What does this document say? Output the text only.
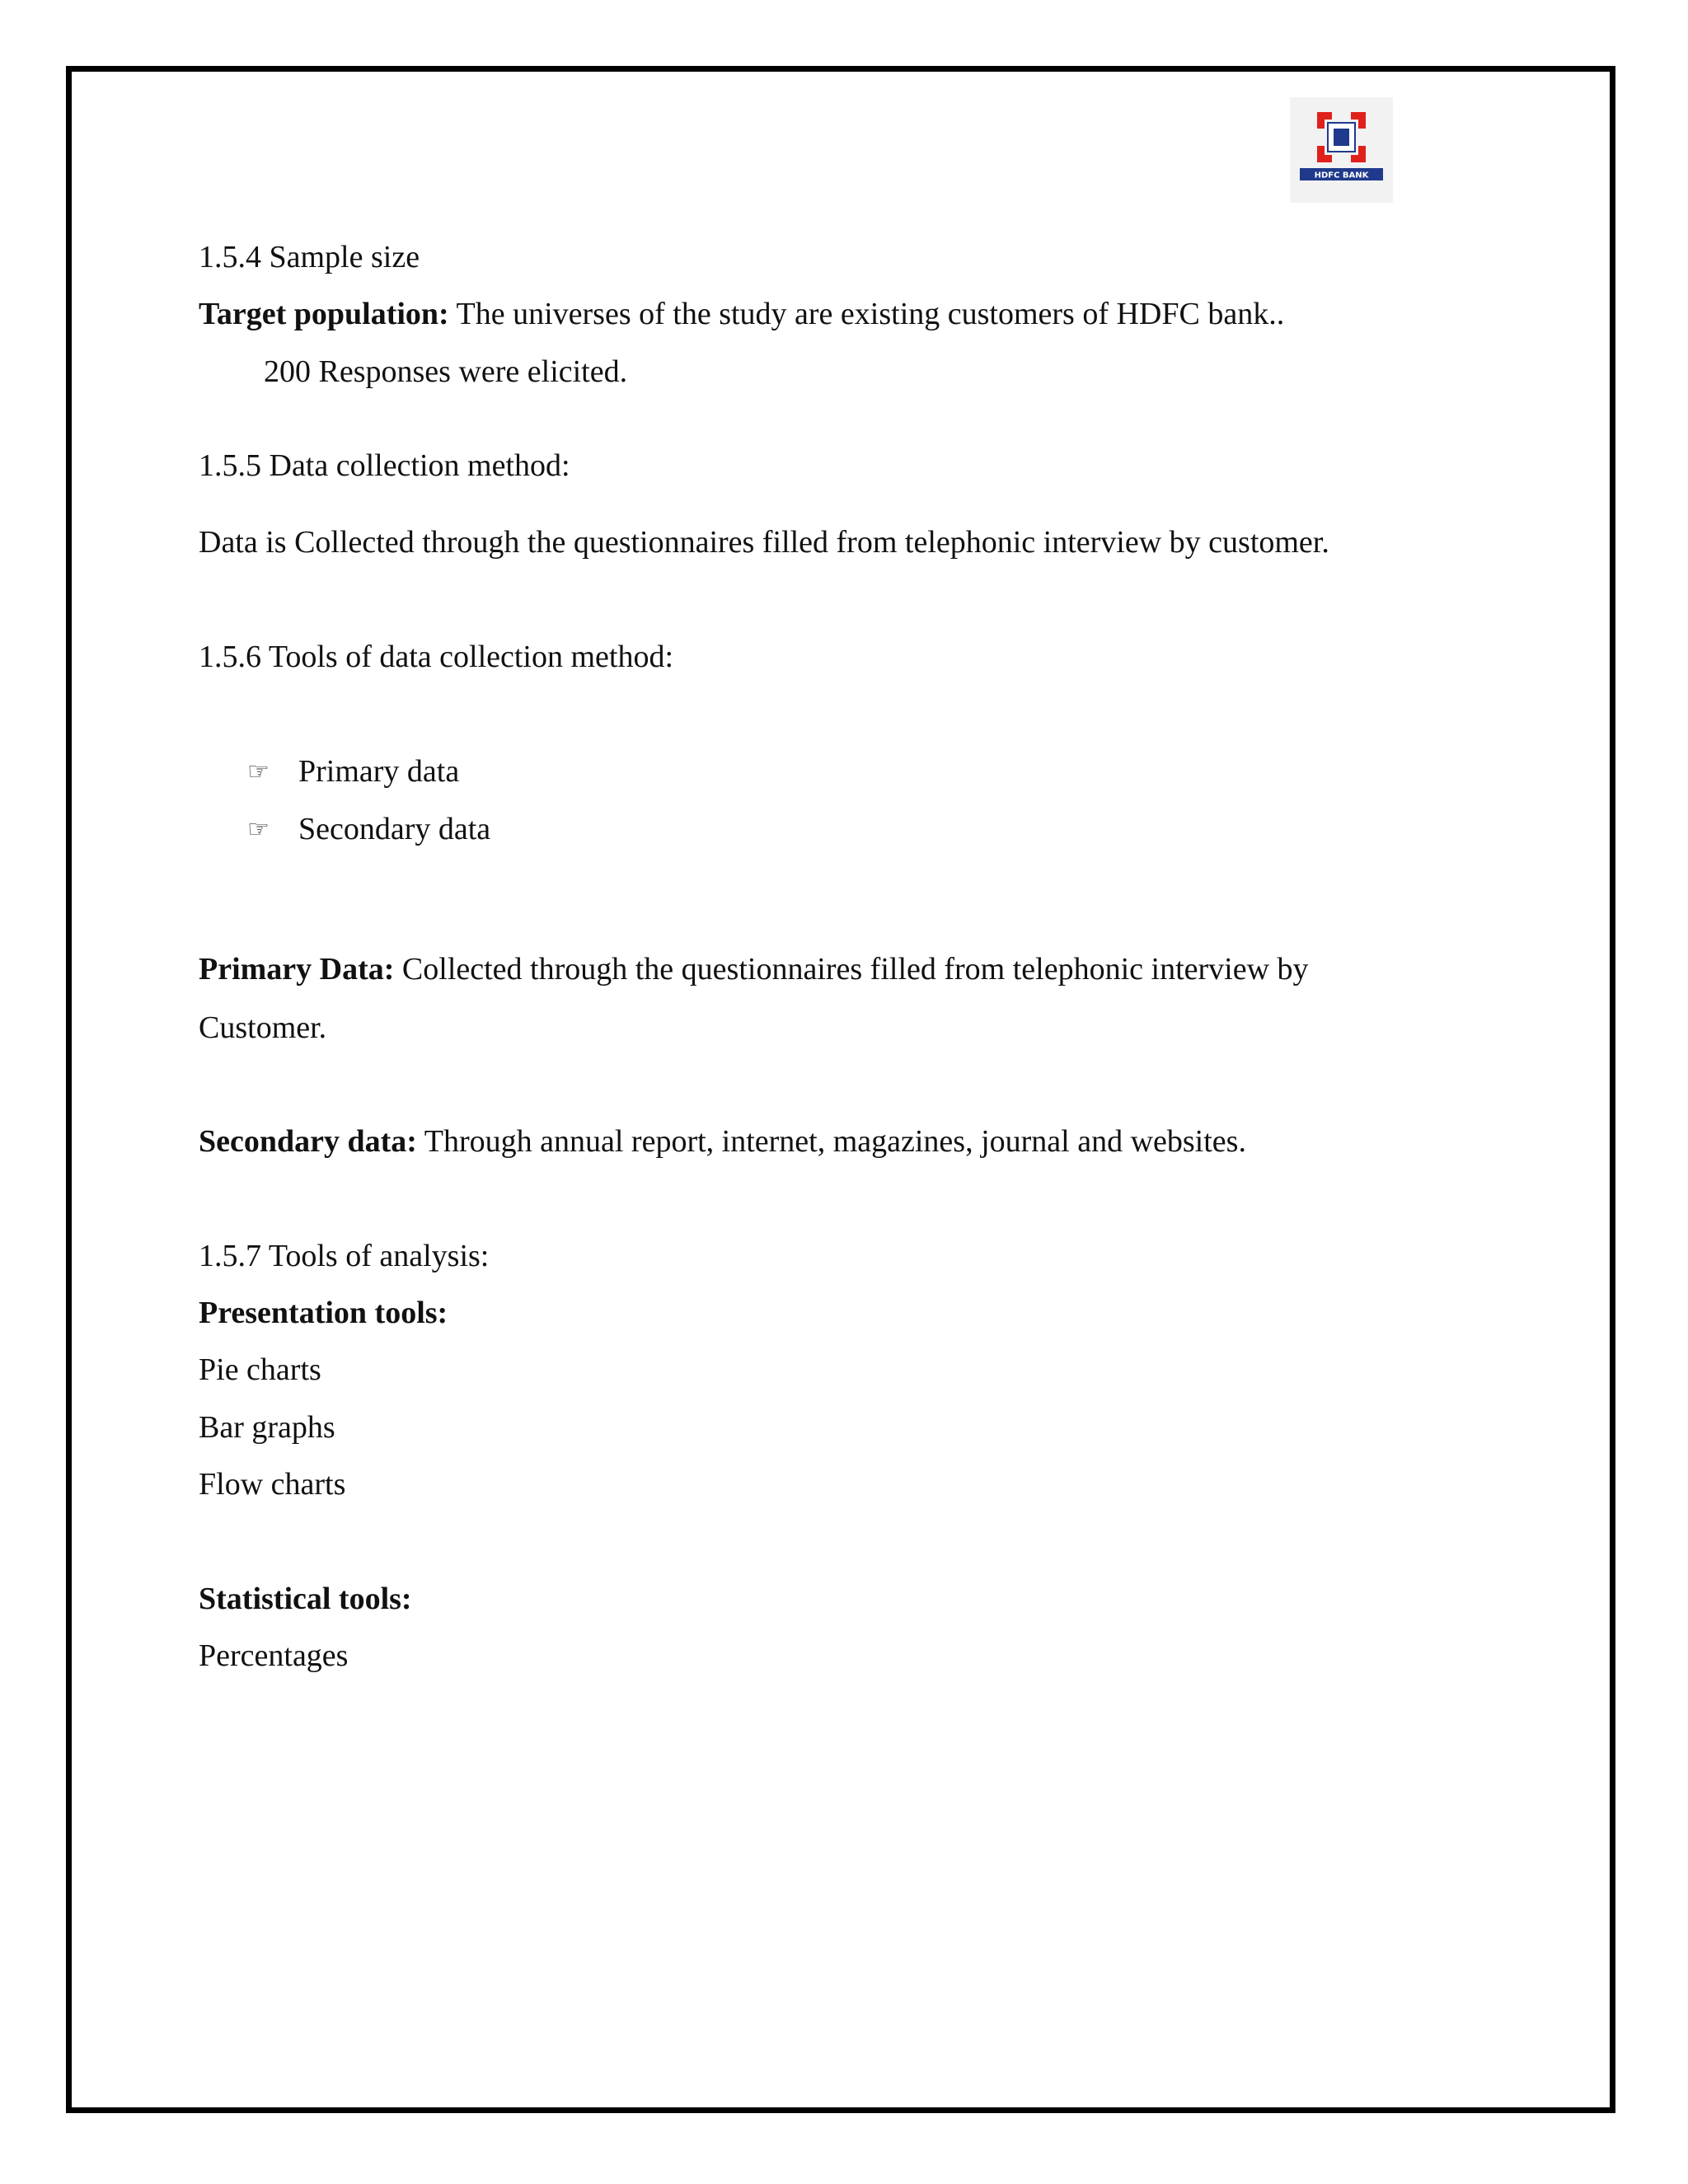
HDFC BANK

1.5.4 Sample size

Target population: The universes of the study are existing customers of HDFC bank..

200 Responses were elicited.

1.5.5 Data collection method:

Data is Collected through the questionnaires filled from telephonic interview by customer.

1.5.6 Tools of data collection method:

☞ Primary data
☞ Secondary data

Primary Data: Collected through the questionnaires filled from telephonic interview by

Customer.

Secondary data: Through annual report, internet, magazines, journal and websites.

1.5.7 Tools of analysis:

Presentation tools:

Pie charts

Bar graphs

Flow charts

Statistical tools:

Percentages
